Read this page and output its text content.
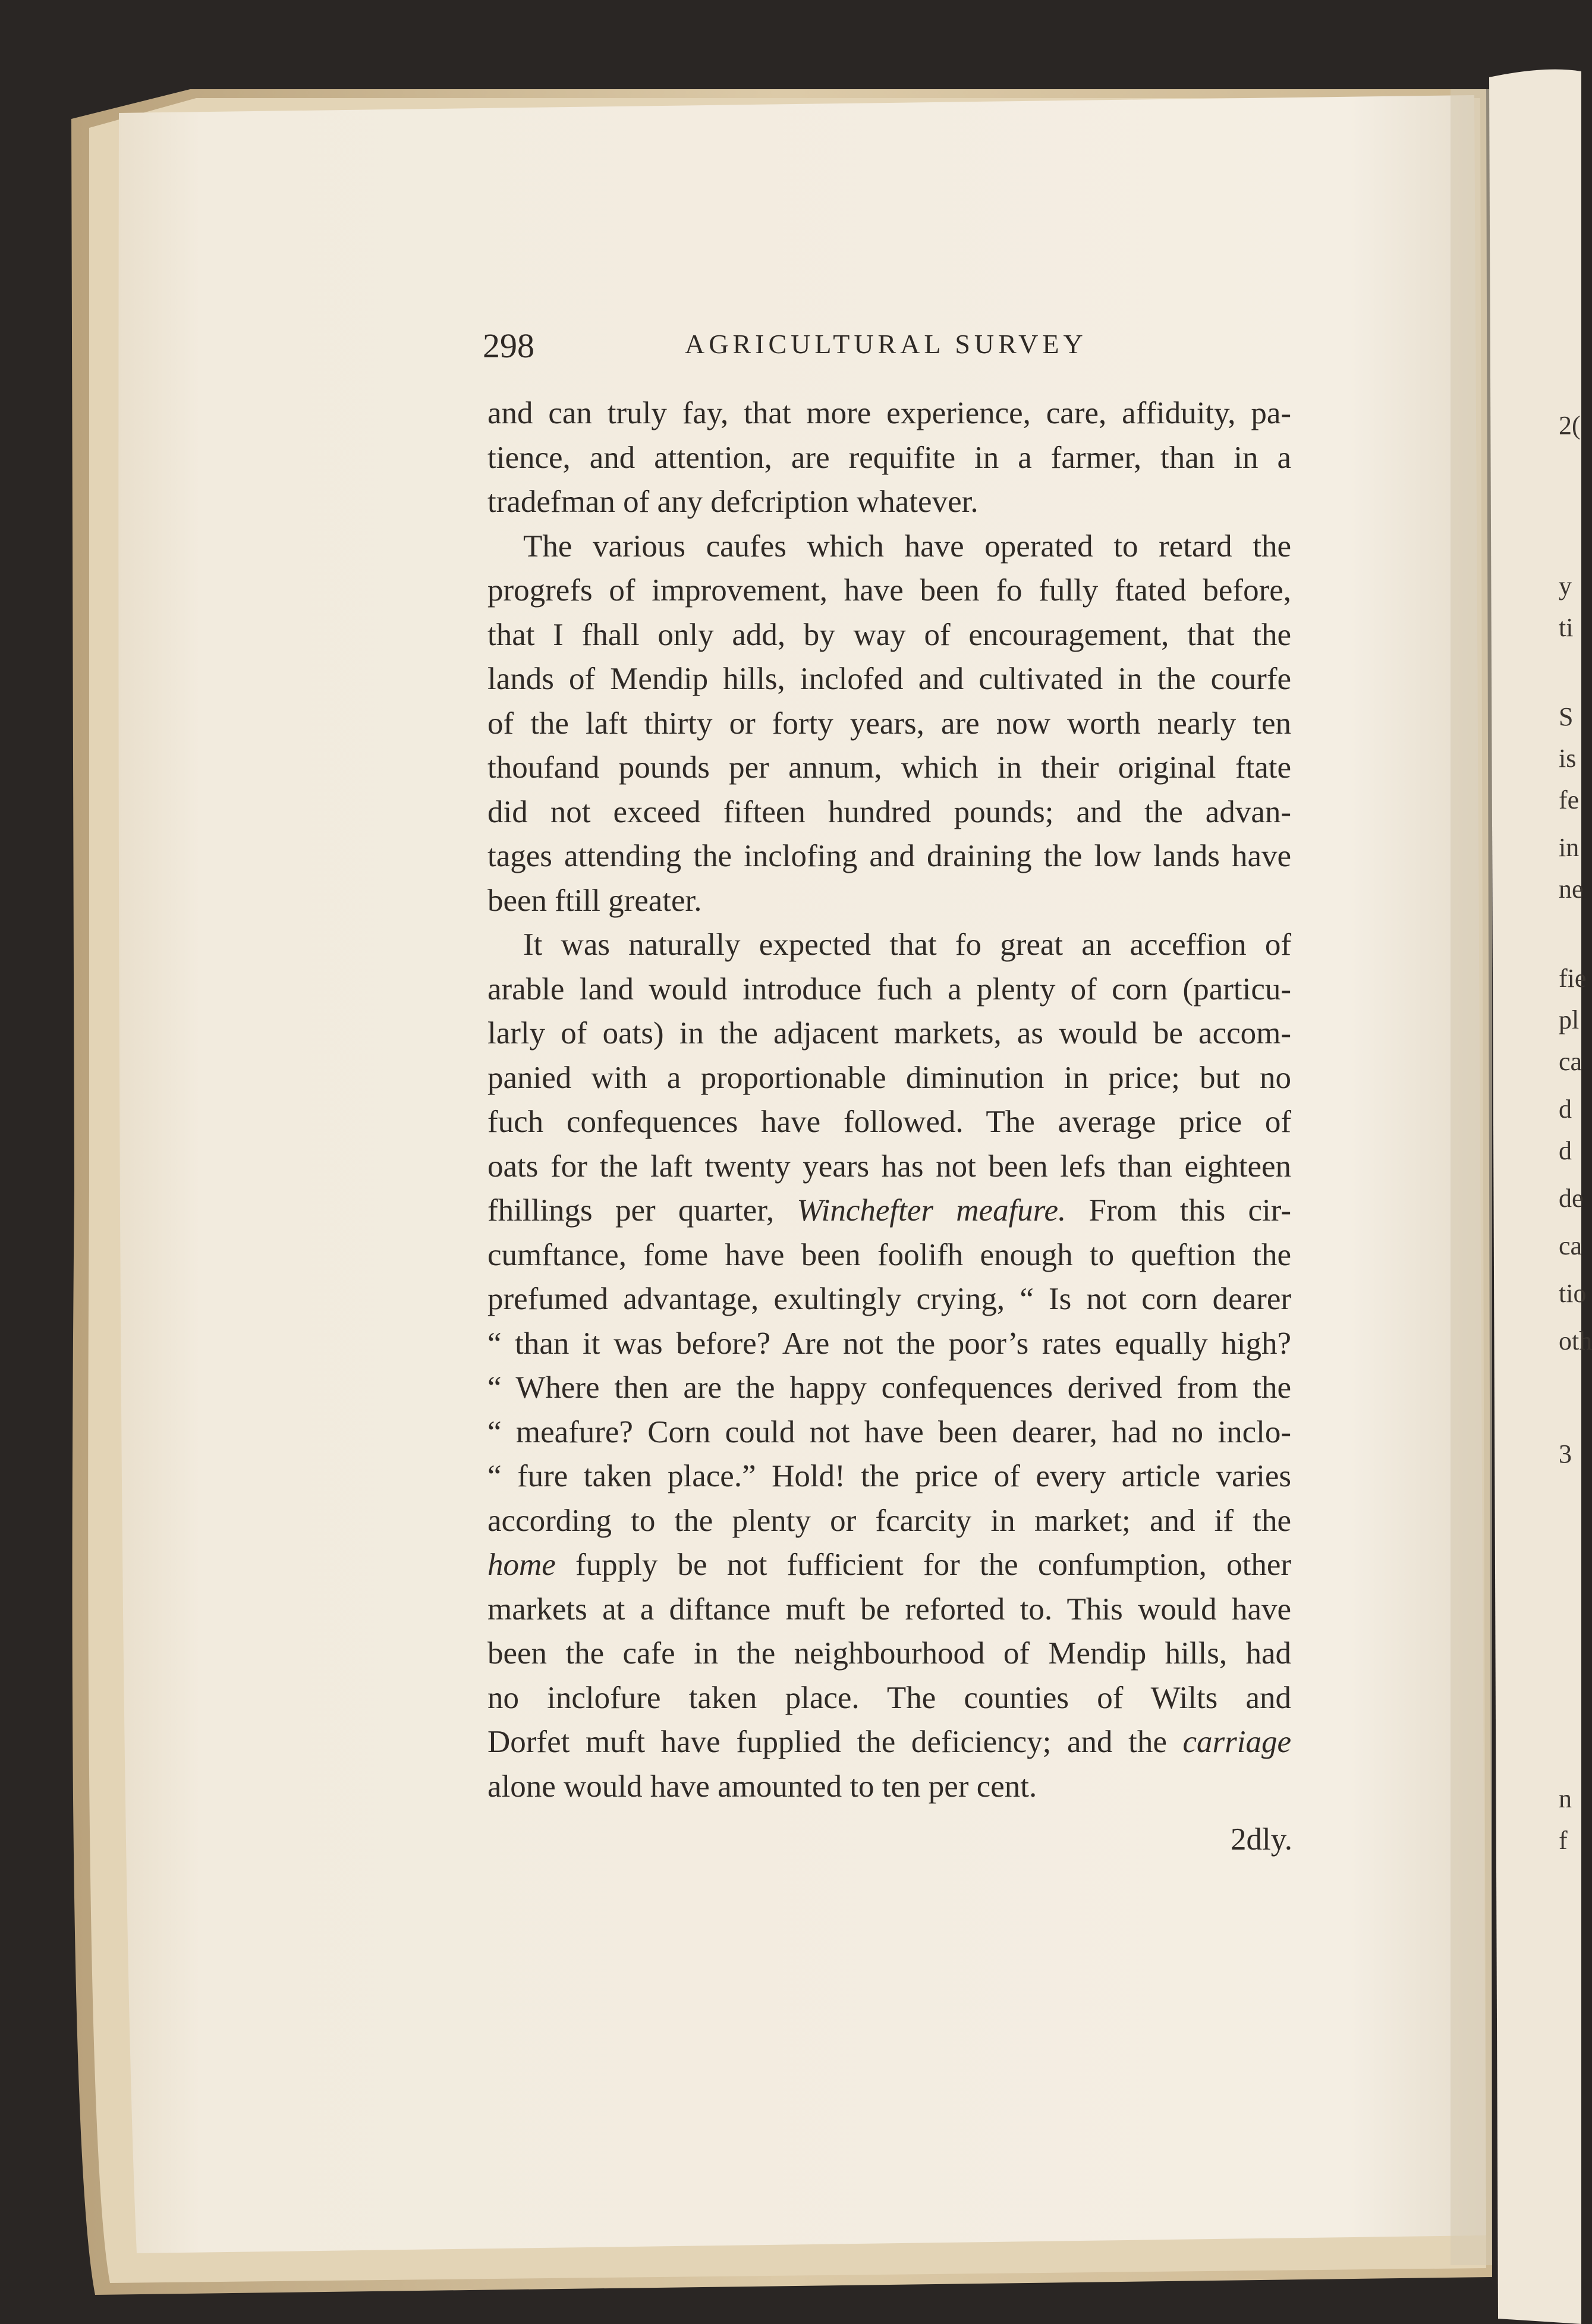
298	AGRICULTURAL SURVEY
and can truly fay, that more experience, care, affiduity, pa-
tience, and attention, are requifite in a farmer, than in a
tradefman of any defcription whatever.
The various caufes which have operated to retard the
progrefs of improvement, have been fo fully ftated before,
that I fhall only add, by way of encouragement, that the
lands of Mendip hills, inclofed and cultivated in the courfe
of the laft thirty or forty years, are now worth nearly ten
thoufand pounds per annum, which in their original ftate
did not exceed fifteen hundred pounds; and the advan-
tages attending the inclofing and draining the low lands have
been ftill greater.
It was naturally expected that fo great an acceffion of
arable land would introduce fuch a plenty of corn (particu-
larly of oats) in the adjacent markets, as would be accom-
panied with a proportionable diminution in price; but no
fuch confequences have followed. The average price of
oats for the laft twenty years has not been lefs than eighteen
fhillings per quarter, Winchefter meafure. From this cir-
cumftance, fome have been foolifh enough to queftion the
prefumed advantage, exultingly crying, “ Is not corn dearer
“ than it was before? Are not the poor’s rates equally high?
“ Where then are the happy confequences derived from the
“ meafure? Corn could not have been dearer, had no inclo-
“ fure taken place.” Hold! the price of every article varies
according to the plenty or fcarcity in market; and if the
home fupply be not fufficient for the confumption, other
markets at a diftance muft be reforted to. This would have
been the cafe in the neighbourhood of Mendip hills, had
no inclofure taken place. The counties of Wilts and
Dorfet muft have fupplied the deficiency; and the carriage
alone would have amounted to ten per cent.
2dly.
2(
y
ti
S
is
fe
in
ne
fie
pl
ca
d
d
de
ca
tio
oth
3
n
f
